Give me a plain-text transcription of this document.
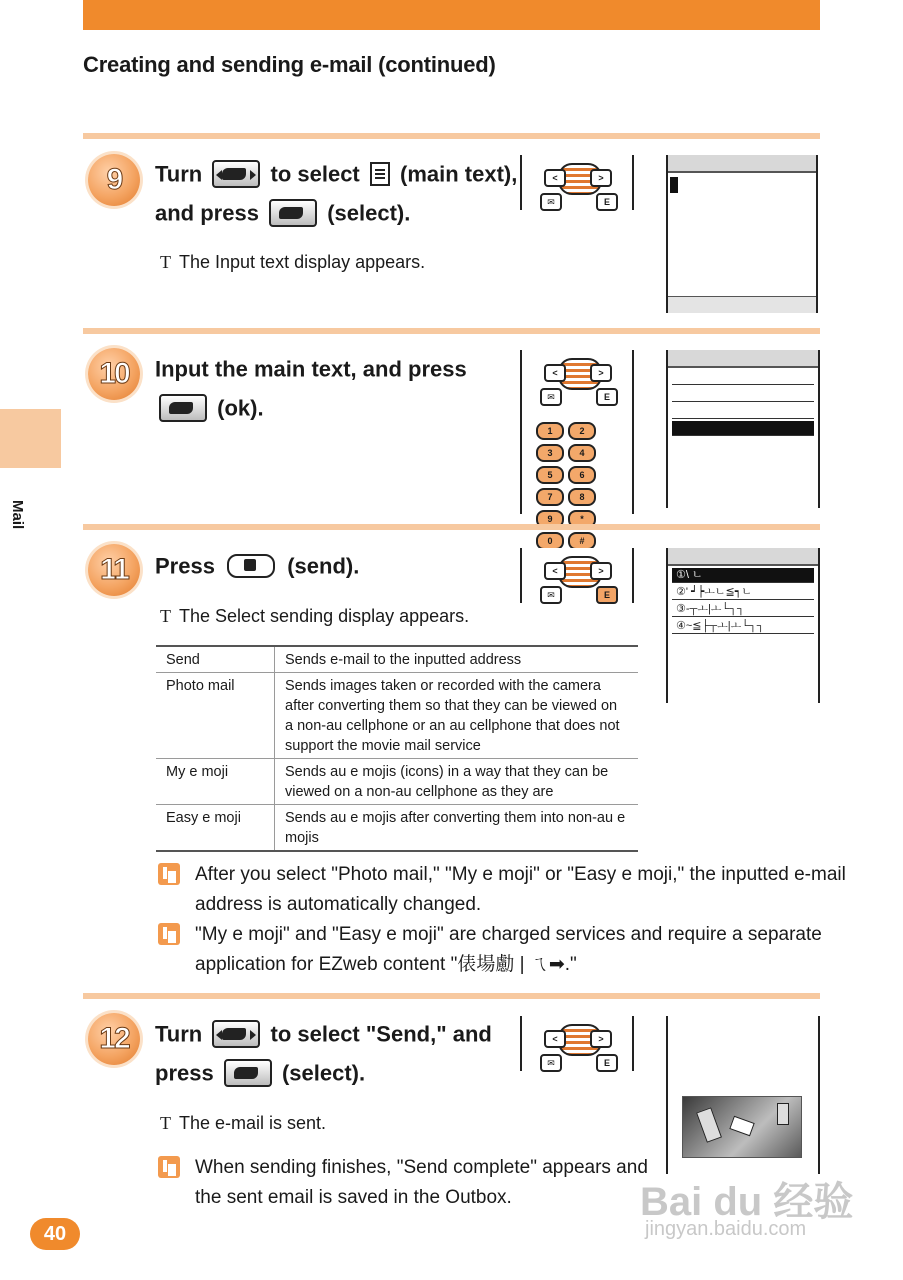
Creating and sending e-mail (continued)
Mail
9	Turn	to select (main text),
and press	(select).
T The Input text display appears.
<	>
✉	E
10	Input the main text, and press
(ok).
<	>
✉	E
1	23	45	67	89	*0	#
11	Press	(send).
T The Select sending display appears.
<	>
✉	E
①\ ㄴ
②' ┙┝ㅗㄴ≦┑ㄴ
③-┬ㅗ|ㅗ└┐┐
④~≦├┬ㅗ|ㅗ└┐┐
Send	Sends e-mail to the inputted address

Photo mail	Sends images taken or recorded with the camera
after converting them so that they can be viewed on
a non-au cellphone or an au cellphone that does not
support the movie mail service

My e moji	Sends au e mojis (icons) in a way that they can be
viewed on a non-au cellphone as they are

Easy e moji	Sends au e mojis after converting them into non-au e
mojis
After you select "Photo mail," "My e moji" or "Easy e moji," the inputted e-mail
address is automatically changed.
"My e moji" and "Easy e moji" are charged services and require a separate
application for EZweb content "俵場勴 | ㄟ➡."
12	Turn	to select "Send," and
press	(select).
T The e-mail is sent.
When sending finishes, "Send complete" appears and
the sent email is saved in the Outbox.
<	>
✉	E
40
Bai du 经验
jingyan.baidu.com
